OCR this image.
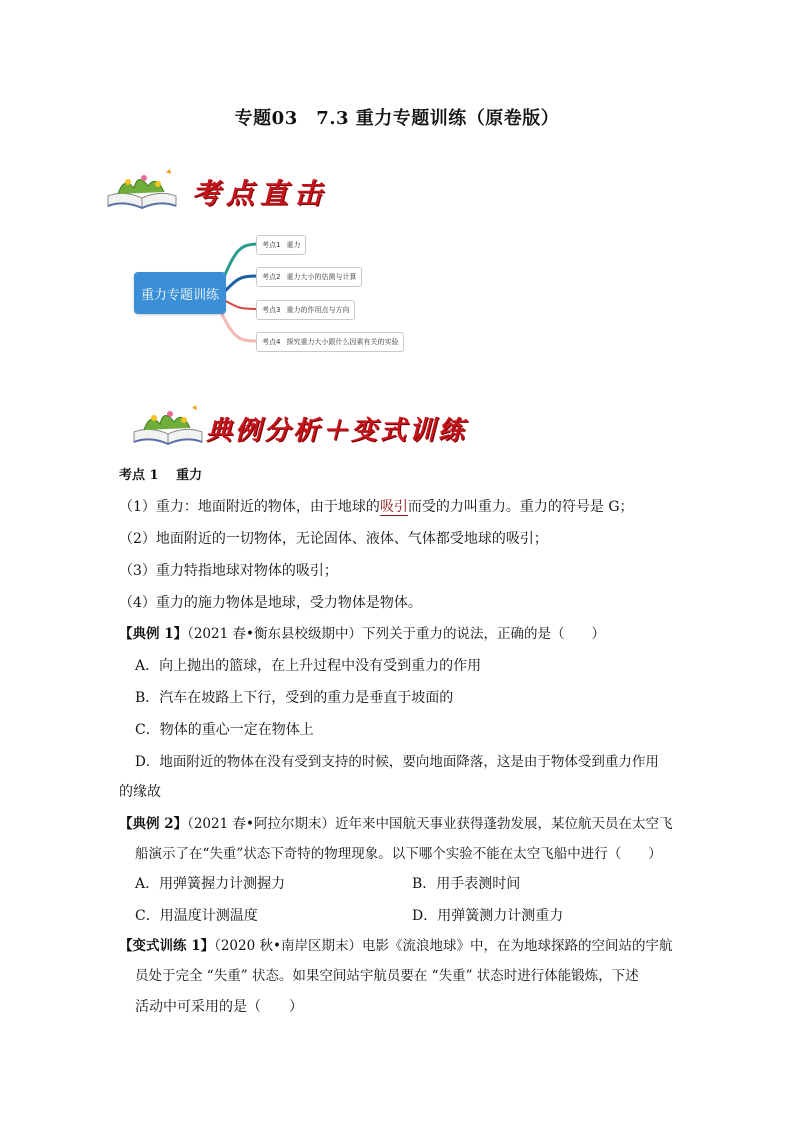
专题03　7.3 重力专题训练（原卷版）
考点直击
重力专题训练
考点1 重力
考点2 重力大小的估测与计算
考点3 重力的作用点与方向
考点4 探究重力大小跟什么因素有关的实验
典例分析＋变式训练
考点 1　 重力
（1）重力：地面附近的物体，由于地球的吸引而受的力叫重力。重力的符号是 G；
（2）地面附近的一切物体，无论固体、液体、气体都受地球的吸引；
（3）重力特指地球对物体的吸引；
（4）重力的施力物体是地球，受力物体是物体。
【典例 1】（2021 春•衡东县校级期中）下列关于重力的说法，正确的是（　　）
A．向上抛出的篮球，在上升过程中没有受到重力的作用
B．汽车在坡路上下行，受到的重力是垂直于坡面的
C．物体的重心一定在物体上
D．地面附近的物体在没有受到支持的时候，要向地面降落，这是由于物体受到重力作用
的缘故
【典例 2】（2021 春•阿拉尔期末）近年来中国航天事业获得蓬勃发展，某位航天员在太空飞
船演示了在“失重”状态下奇特的物理现象。以下哪个实验不能在太空飞船中进行（　　）
A．用弹簧握力计测握力	B．用手表测时间
C．用温度计测温度	D．用弹簧测力计测重力
【变式训练 1】（2020 秋•南岸区期末）电影《流浪地球》中，在为地球探路的空间站的宇航
员处于完全 “失重” 状态。如果空间站宇航员要在 “失重” 状态时进行体能锻炼，下述
活动中可采用的是（　　）
